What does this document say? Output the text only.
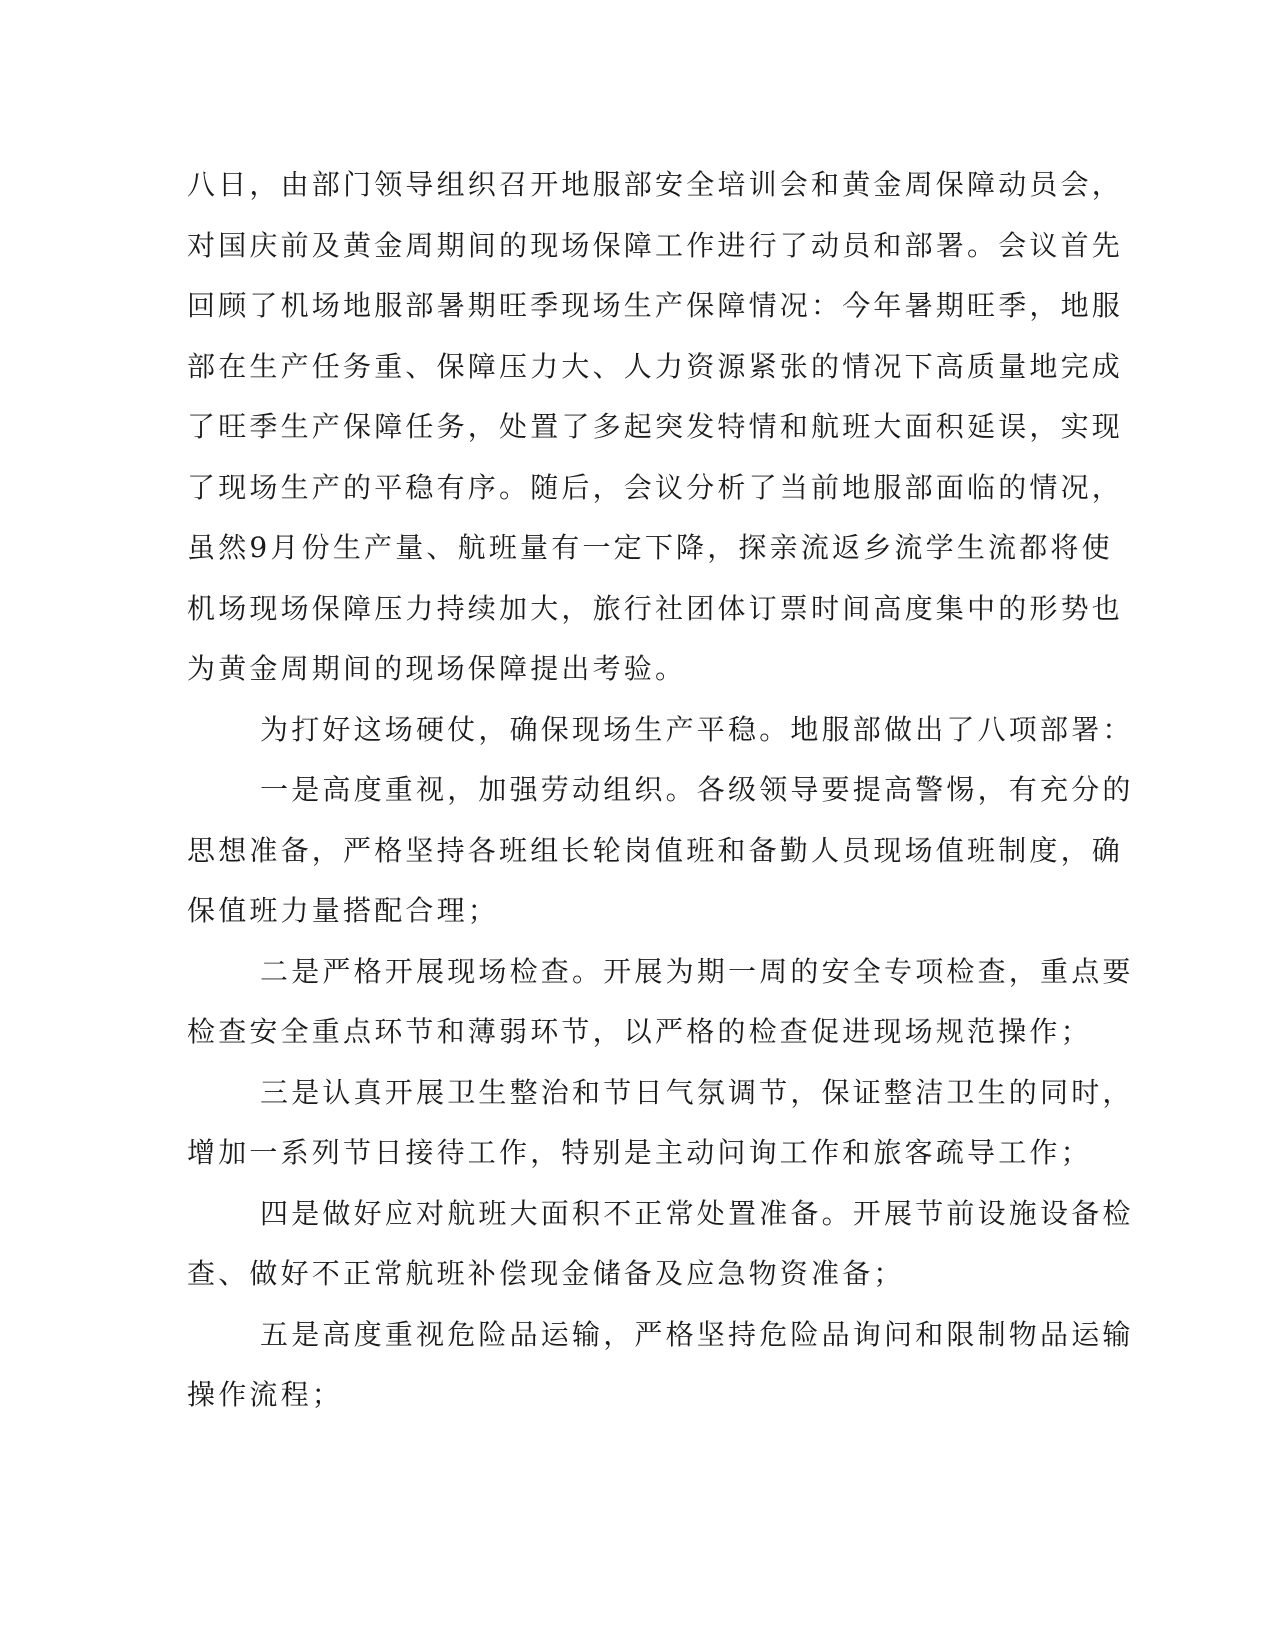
八日，由部门领导组织召开地服部安全培训会和黄金周保障动员会，
对国庆前及黄金周期间的现场保障工作进行了动员和部署。会议首先
回顾了机场地服部暑期旺季现场生产保障情况：今年暑期旺季，地服
部在生产任务重、保障压力大、人力资源紧张的情况下高质量地完成
了旺季生产保障任务，处置了多起突发特情和航班大面积延误，实现
了现场生产的平稳有序。随后，会议分析了当前地服部面临的情况，
虽然9月份生产量、航班量有一定下降，探亲流返乡流学生流都将使
机场现场保障压力持续加大，旅行社团体订票时间高度集中的形势也
为黄金周期间的现场保障提出考验。
为打好这场硬仗，确保现场生产平稳。地服部做出了八项部署：
一是高度重视，加强劳动组织。各级领导要提高警惕，有充分的
思想准备，严格坚持各班组长轮岗值班和备勤人员现场值班制度，确
保值班力量搭配合理；
二是严格开展现场检查。开展为期一周的安全专项检查，重点要
检查安全重点环节和薄弱环节，以严格的检查促进现场规范操作；
三是认真开展卫生整治和节日气氛调节，保证整洁卫生的同时，
增加一系列节日接待工作，特别是主动问询工作和旅客疏导工作；
四是做好应对航班大面积不正常处置准备。开展节前设施设备检
查、做好不正常航班补偿现金储备及应急物资准备；
五是高度重视危险品运输，严格坚持危险品询问和限制物品运输
操作流程；
